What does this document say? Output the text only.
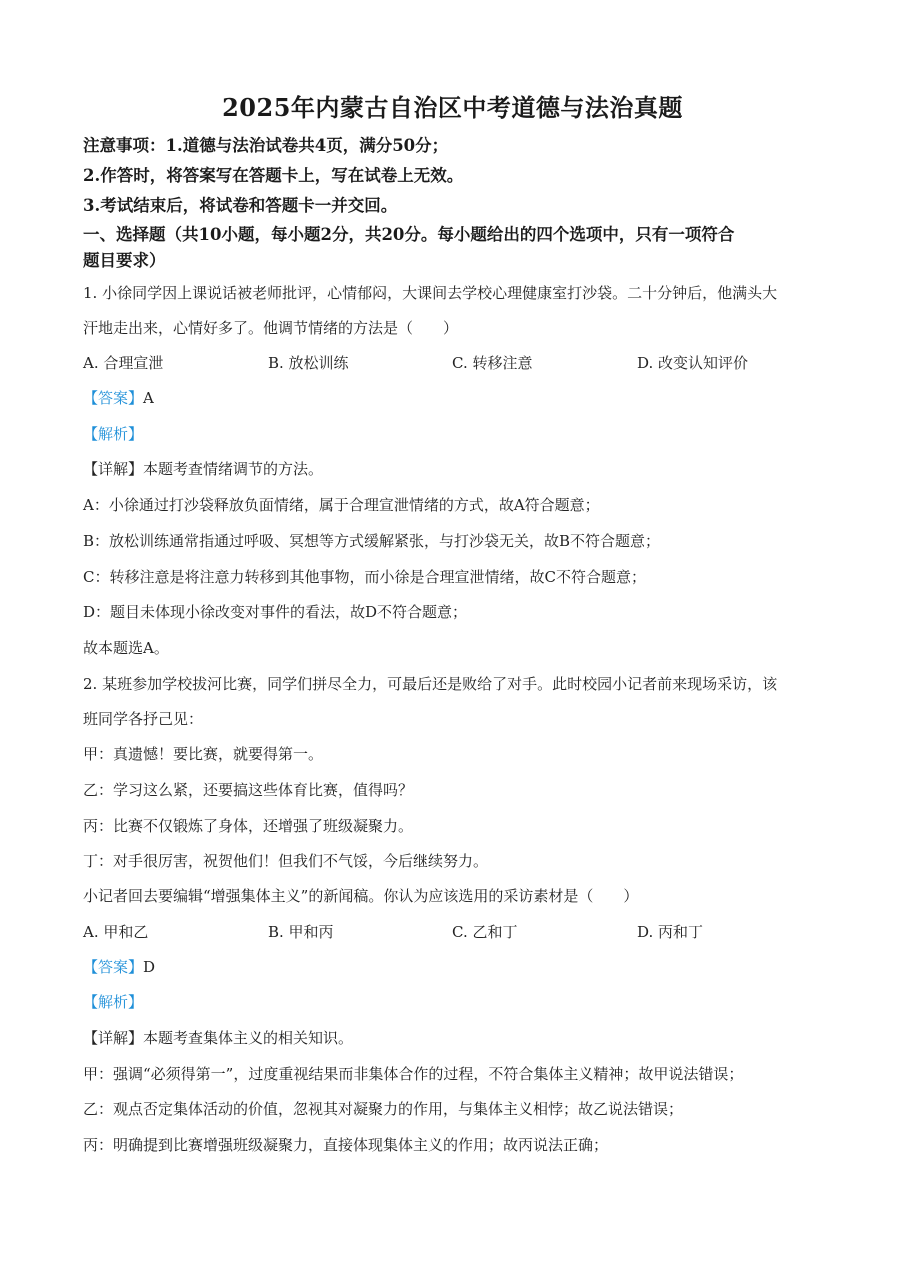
2025年内蒙古自治区中考道德与法治真题
注意事项：1.道德与法治试卷共4页，满分50分；
2.作答时，将答案写在答题卡上，写在试卷上无效。
3.考试结束后，将试卷和答题卡一并交回。
一、选择题（共10小题，每小题2分，共20分。每小题给出的四个选项中，只有一项符合
题目要求）
1. 小徐同学因上课说话被老师批评，心情郁闷，大课间去学校心理健康室打沙袋。二十分钟后，他满头大
汗地走出来，心情好多了。他调节情绪的方法是（　　）
A. 合理宣泄	B. 放松训练	C. 转移注意	D. 改变认知评价
【答案】A
【解析】
【详解】本题考查情绪调节的方法。
A：小徐通过打沙袋释放负面情绪，属于合理宣泄情绪的方式，故A符合题意；
B：放松训练通常指通过呼吸、冥想等方式缓解紧张，与打沙袋无关，故B不符合题意；
C：转移注意是将注意力转移到其他事物，而小徐是合理宣泄情绪，故C不符合题意；
D：题目未体现小徐改变对事件的看法，故D不符合题意；
故本题选A。
2. 某班参加学校拔河比赛，同学们拼尽全力，可最后还是败给了对手。此时校园小记者前来现场采访，该
班同学各抒己见：
甲：真遗憾！要比赛，就要得第一。
乙：学习这么紧，还要搞这些体育比赛，值得吗？
丙：比赛不仅锻炼了身体，还增强了班级凝聚力。
丁：对手很厉害，祝贺他们！但我们不气馁，今后继续努力。
小记者回去要编辑“增强集体主义”的新闻稿。你认为应该选用的采访素材是（　　）
A. 甲和乙	B. 甲和丙	C. 乙和丁	D. 丙和丁
【答案】D
【解析】
【详解】本题考查集体主义的相关知识。
甲：强调“必须得第一”，过度重视结果而非集体合作的过程，不符合集体主义精神；故甲说法错误；
乙：观点否定集体活动的价值，忽视其对凝聚力的作用，与集体主义相悖；故乙说法错误；
丙：明确提到比赛增强班级凝聚力，直接体现集体主义的作用；故丙说法正确；
